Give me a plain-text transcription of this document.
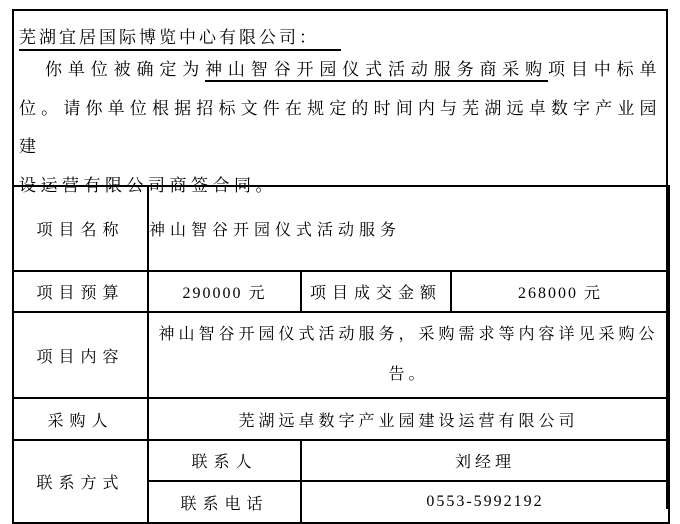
芜湖宜居国际博览中心有限公司：
你单位被确定为神山智谷开园仪式活动服务商采购项目中标单
位。请你单位根据招标文件在规定的时间内与芜湖远卓数字产业园建
设运营有限公司商签合同。
项目名称	神山智谷开园仪式活动服务		
项目预算	290000 元	项目成交金额	268000 元
项目内容	神山智谷开园仪式活动服务，采购需求等内容详见采购公告。		
采购人	芜湖远卓数字产业园建设运营有限公司		
联系方式	联系人	刘经理	
	联系电话	0553-5992192	
